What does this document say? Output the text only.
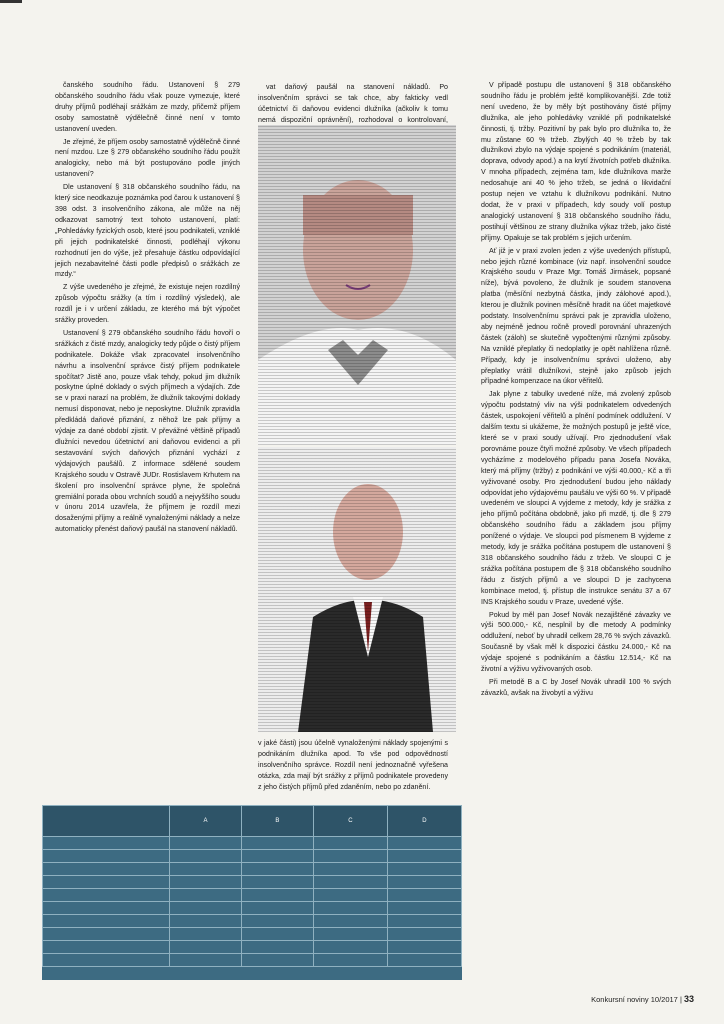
čanského soudního řádu. Ustanovení § 279 občanského soudního řádu však pouze vymezuje, které druhy příjmů podléhají srážkám ze mzdy, přičemž příjem osoby samostatně výdělečně činné není v tomto ustanovení uveden.

Je zřejmé, že příjem osoby samostatně výdělečně činné není mzdou. Lze § 279 občanského soudního řádu použít analogicky, nebo má být postupováno podle jiných ustanovení?

Dle ustanovení § 318 občanského soudního řádu, na který sice neodkazuje poznámka pod čarou k ustanovení § 398 odst. 3 insolvenčního zákona, ale může na něj odkazovat samotný text tohoto ustanovení, platí: „Pohledávky fyzických osob, které jsou podnikateli, vzniklé při jejich podnikatelské činnosti, podléhají výkonu rozhodnutí jen do výše, jež přesahuje částku odpovídající jejich nezabavitelné části podle předpisů o srážkách ze mzdy.“

Z výše uvedeného je zřejmé, že existuje nejen rozdílný způsob výpočtu srážky (a tím i rozdílný výsledek), ale rozdíl je i v určení základu, ze kterého má být výpočet srážky proveden.

Ustanovení § 279 občanského soudního řádu hovoří o srážkách z čisté mzdy, analogicky tedy půjde o čistý příjem podnikatele. Dokáže však zpracovatel insolvenčního návrhu a insolvenční správce čistý příjem podnikatele spočítat? Jistě ano, pouze však tehdy, pokud jim dlužník poskytne úplné doklady o svých příjmech a výdajích. Zde se v praxi narazí na problém, že dlužník takovými doklady nemusí disponovat, nebo je neposkytne. Dlužník zpravidla předkládá daňové přiznání, z něhož lze pak příjmy a výdaje za dané období zjistit. V převážné většině případů dlužníci nevedou účetnictví ani daňovou evidenci a při sestavování svých daňových přiznání vychází z výdajových paušálů. Z informace sdělené soudem Krajského soudu v Ostravě JUDr. Rostislavem Krhutem na školení pro insolvenční správce plyne, že společná gremiální porada obou vrchních soudů a nejvyššího soudu v únoru 2014 uzavřela, že příjmem je rozdíl mezi dosaženými příjmy a reálně vynaloženými náklady a nelze automaticky přenést daňový paušál na stanovení nákladů.

vat daňový paušál na stanovení nákladů. Po insolvenčním správci se tak chce, aby fakticky vedl účetnictví či daňovou evidenci dlužníka (ačkoliv k tomu nemá dispoziční oprávnění), rozhodoval o kontrolovaní,

v jaké části) jsou účelně vynaloženými náklady spojenými s podnikáním dlužníka apod. To vše pod odpovědností insolvenčního správce. Rozdíl není jednoznačně vyřešena otázka, zda mají být srážky z příjmů podnikatele provedeny z jeho čistých příjmů před zdaněním, nebo po zdanění.

V případě postupu dle ustanovení § 318 občanského soudního řádu je problém ještě komplikovanější. Zde totiž není uvedeno, že by měly být postihovány čisté příjmy dlužníka, ale jeho pohledávky vzniklé při podnikatelské činnosti, tj. tržby. Pozitivní by pak bylo pro dlužníka to, že mu zůstane 60 % tržeb. Zbylých 40 % tržeb by tak dlužníkovi zbylo na výdaje spojené s podnikáním (materiál, doprava, odvody apod.) a na krytí životních potřeb dlužníka. V mnoha případech, zejména tam, kde dlužníkova marže nedosahuje ani 40 % jeho tržeb, se jedná o likvidační postup nejen ve vztahu k dlužníkovu podnikání. Nutno dodat, že v praxi v případech, kdy soudy volí postup analogický ustanovení § 318 občanského soudního řádu, postihují většinou ze strany dlužníka výkaz tržeb, jako čisté příjmy. Opakuje se tak problém s jejich určením.

Ať již je v praxi zvolen jeden z výše uvedených přístupů, nebo jejich různé kombinace (viz např. insolvenční soudce Krajského soudu v Praze Mgr. Tomáš Jirmásek, popsané níže), bývá povoleno, že dlužník je soudem stanovena platba (měsíční nezbytná částka, jindy zálohové apod.), kterou je dlužník povinen měsíčně hradit na účet majetkové podstaty. Insolvenčnímu správci pak je zpravidla uloženo, aby nejméně jednou ročně provedl porovnání uhrazených částek (záloh) se skutečně vypočtenými různými způsoby. Na vzniklé přeplatky či nedoplatky je opět nahlížena různě. Případy, kdy je insolvenčnímu správci uloženo, aby přeplatky vrátil dlužníkovi, stejně jako způsob jejich případné kompenzace na úkor věřitelů.

Jak plyne z tabulky uvedené níže, má zvolený způsob výpočtu podstatný vliv na výši podnikatelem odvedených částek, uspokojení věřitelů a plnění podmínek oddlužení. V dalším textu si ukážeme, že možných postupů je ještě více, které se v praxi soudy užívají. Pro zjednodušení však porovnáme pouze čtyři možné způsoby. Ve všech případech vycházíme z modelového případu pana Josefa Nováka, který má příjmy (tržby) z podnikání ve výši 40.000,- Kč a tři vyživované osoby. Pro zjednodušení budou jeho náklady odpovídat jeho výdajovému paušálu ve výši 60 %. V případě uvedeném ve sloupci A vyjdeme z metody, kdy je srážka z jeho příjmů počítána obdobně, jako při mzdě, tj. dle § 279 občanského soudního řádu a základem jsou příjmy ponížené o výdaje. Ve sloupci pod písmenem B vyjdeme z metody, kdy je srážka počítána postupem dle ustanovení § 318 občanského soudního řádu z tržeb. Ve sloupci C je srážka počítána postupem dle § 318 občanského soudního řádu z čistých příjmů a ve sloupci D je zachycena kombinace metod, tj. přístup dle instrukce senátu 37 a 67 INS Krajského soudu v Praze, uvedené výše.

Pokud by měl pan Josef Novák nezajištěné závazky ve výši 500.000,- Kč, nesplnil by dle metody A podmínky oddlužení, neboť by uhradil celkem 28,76 % svých závazků. Současně by však měl k dispozici částku 24.000,- Kč na výdaje spojené s podnikáním a částku 12.514,- Kč na životní a výživu vyživovaných osob.

Při metodě B a C by Josef Novák uhradil 100 % svých závazků, avšak na živobytí a výživu

	A	B	C	D

Konkursní noviny 10/2017 | 33
